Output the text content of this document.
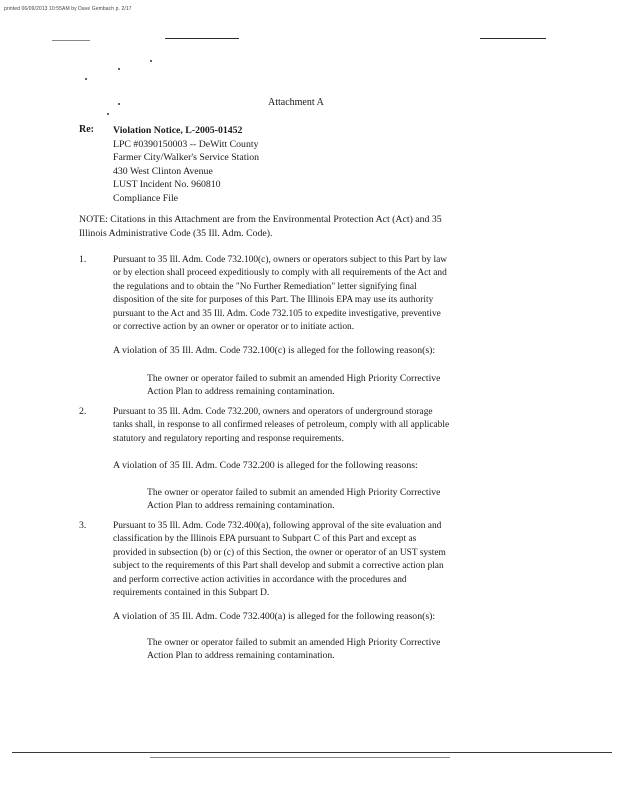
printed 06/09/2013 10:55AM by Dave Gembach p. 2/17
Attachment A
Re: Violation Notice, L-2005-01452
LPC #0390150003 -- DeWitt County
Farmer City/Walker's Service Station
430 West Clinton Avenue
LUST Incident No. 960810
Compliance File
NOTE: Citations in this Attachment are from the Environmental Protection Act (Act) and 35
Illinois Administrative Code (35 Ill. Adm. Code).
1.	Pursuant to 35 Ill. Adm. Code 732.100(c), owners or operators subject to this Part by law
or by election shall proceed expeditiously to comply with all requirements of the Act and
the regulations and to obtain the "No Further Remediation" letter signifying final
disposition of the site for purposes of this Part. The Illinois EPA may use its authority
pursuant to the Act and 35 Ill. Adm. Code 732.105 to expedite investigative, preventive
or corrective action by an owner or operator or to initiate action.
A violation of 35 Ill. Adm. Code 732.100(c) is alleged for the following reason(s):
The owner or operator failed to submit an amended High Priority Corrective
Action Plan to address remaining contamination.
2.	Pursuant to 35 Ill. Adm. Code 732.200, owners and operators of underground storage
tanks shall, in response to all confirmed releases of petroleum, comply with all applicable
statutory and regulatory reporting and response requirements.
A violation of 35 Ill. Adm. Code 732.200 is alleged for the following reasons:
The owner or operator failed to submit an amended High Priority Corrective
Action Plan to address remaining contamination.
3.	Pursuant to 35 Ill. Adm. Code 732.400(a), following approval of the site evaluation and
classification by the Illinois EPA pursuant to Subpart C of this Part and except as
provided in subsection (b) or (c) of this Section, the owner or operator of an UST system
subject to the requirements of this Part shall develop and submit a corrective action plan
and perform corrective action activities in accordance with the procedures and
requirements contained in this Subpart D.
A violation of 35 Ill. Adm. Code 732.400(a) is alleged for the following reason(s):
The owner or operator failed to submit an amended High Priority Corrective
Action Plan to address remaining contamination.
